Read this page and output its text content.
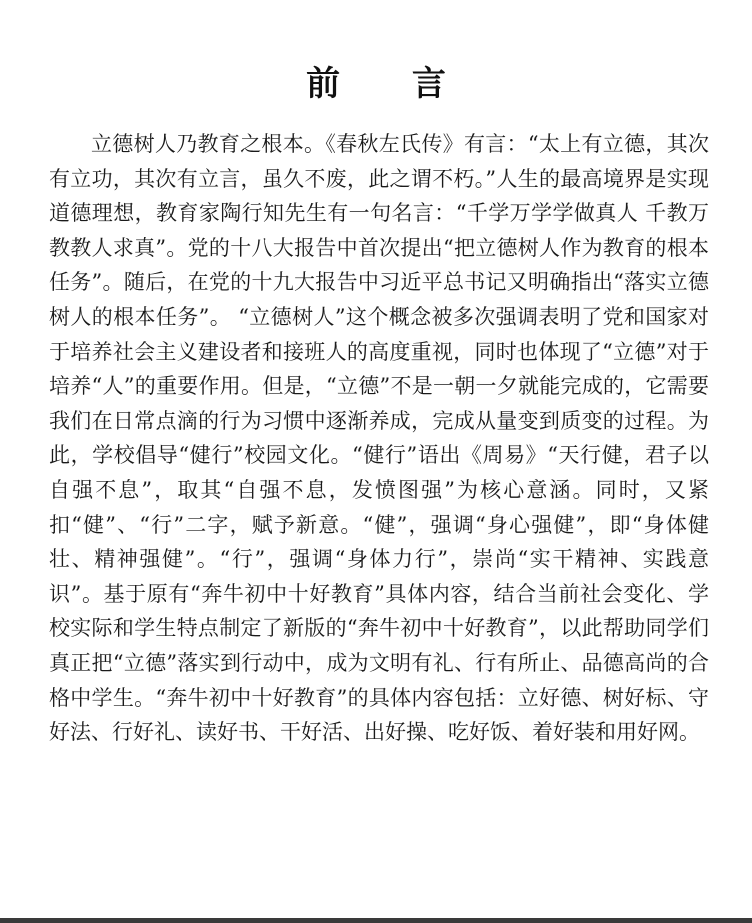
前 言

立德树人乃教育之根本。《春秋左氏传》有言：“太上有立德，其次有立功，其次有立言，虽久不废，此之谓不朽。”人生的最高境界是实现道德理想，教育家陶行知先生有一句名言：“千学万学学做真人 千教万教教人求真”。党的十八大报告中首次提出“把立德树人作为教育的根本任务”。随后，在党的十九大报告中习近平总书记又明确指出“落实立德树人的根本任务”。 “立德树人”这个概念被多次强调表明了党和国家对于培养社会主义建设者和接班人的高度重视，同时也体现了“立德”对于培养“人”的重要作用。但是，“立德”不是一朝一夕就能完成的，它需要我们在日常点滴的行为习惯中逐渐养成，完成从量变到质变的过程。为此，学校倡导“健行”校园文化。“健行”语出《周易》“天行健，君子以自强不息”，取其“自强不息，发愤图强”为核心意涵。同时，又紧扣“健”、“行”二字，赋予新意。“健”，强调“身心强健”，即“身体健壮、精神强健”。“行”，强调“身体力行”，崇尚“实干精神、实践意识”。基于原有“奔牛初中十好教育”具体内容，结合当前社会变化、学校实际和学生特点制定了新版的“奔牛初中十好教育”，以此帮助同学们真正把“立德”落实到行动中，成为文明有礼、行有所止、品德高尚的合格中学生。“奔牛初中十好教育”的具体内容包括：立好德、树好标、守好法、行好礼、读好书、干好活、出好操、吃好饭、着好装和用好网。
